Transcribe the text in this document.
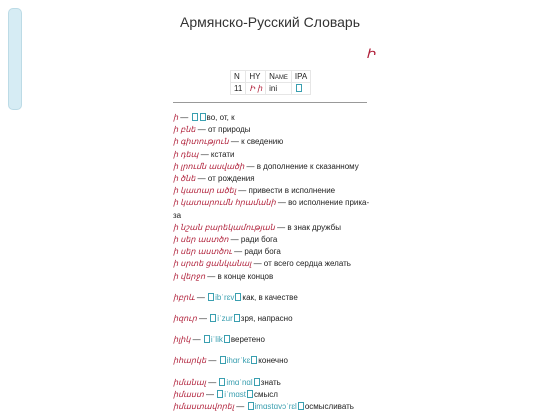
Армянско-Русский Словарь
Ի
N	HY	Name	IPA
11	Ի ի	ini	

ի — во, от, к

ի բնե — от природы

ի գիտություն — к сведению

ի դեպ — кстати

ի լրումն ասվածի — в дополнение к сказанному

ի ծնե — от рождения

ի կատար ածել — привести в исполнение

ի կատարումն հրամանի — во исполнение прика-за

ի նշան բարեկամության — в знак дружбы

ի սեր աստծո — ради бога

ի սեր աստծու — ради бога

ի սրտե ցանկանալ — от всего сердца желать

ի վերջո — в конце концов

իբրև — ibˈrɛv как, в качестве

իզուր — iˈzur зря, напрасно

իլիկ — iˈlik веретено

իհարկե — ihɑrˈkɛ конечно

իմանալ — imɑˈnɑl знать

իմաստ — iˈmɑst смысл

իմաստավորել — imɑstɑvɔˈrɛl осмысливать
